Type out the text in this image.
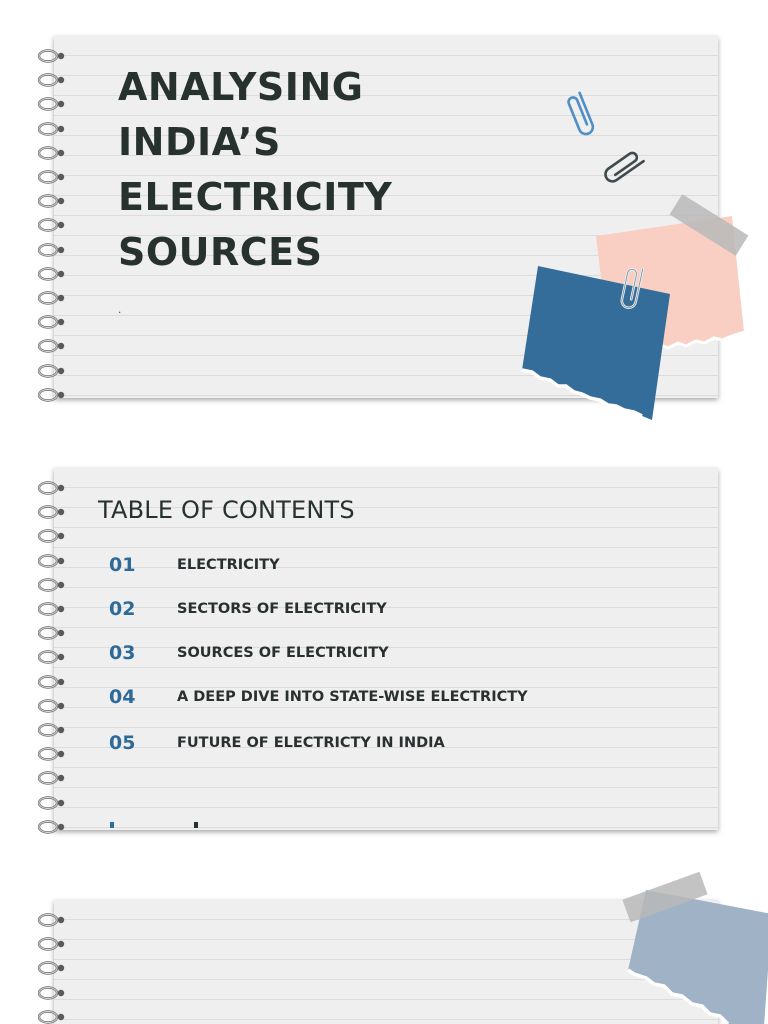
ANALYSING
INDIA’S
ELECTRICITY
SOURCES
.
TABLE OF CONTENTS
01	ELECTRICITY
02	SECTORS OF ELECTRICITY
03	SOURCES OF ELECTRICITY
04	A DEEP DIVE INTO STATE-WISE ELECTRICTY
05	FUTURE OF ELECTRICTY IN INDIA
